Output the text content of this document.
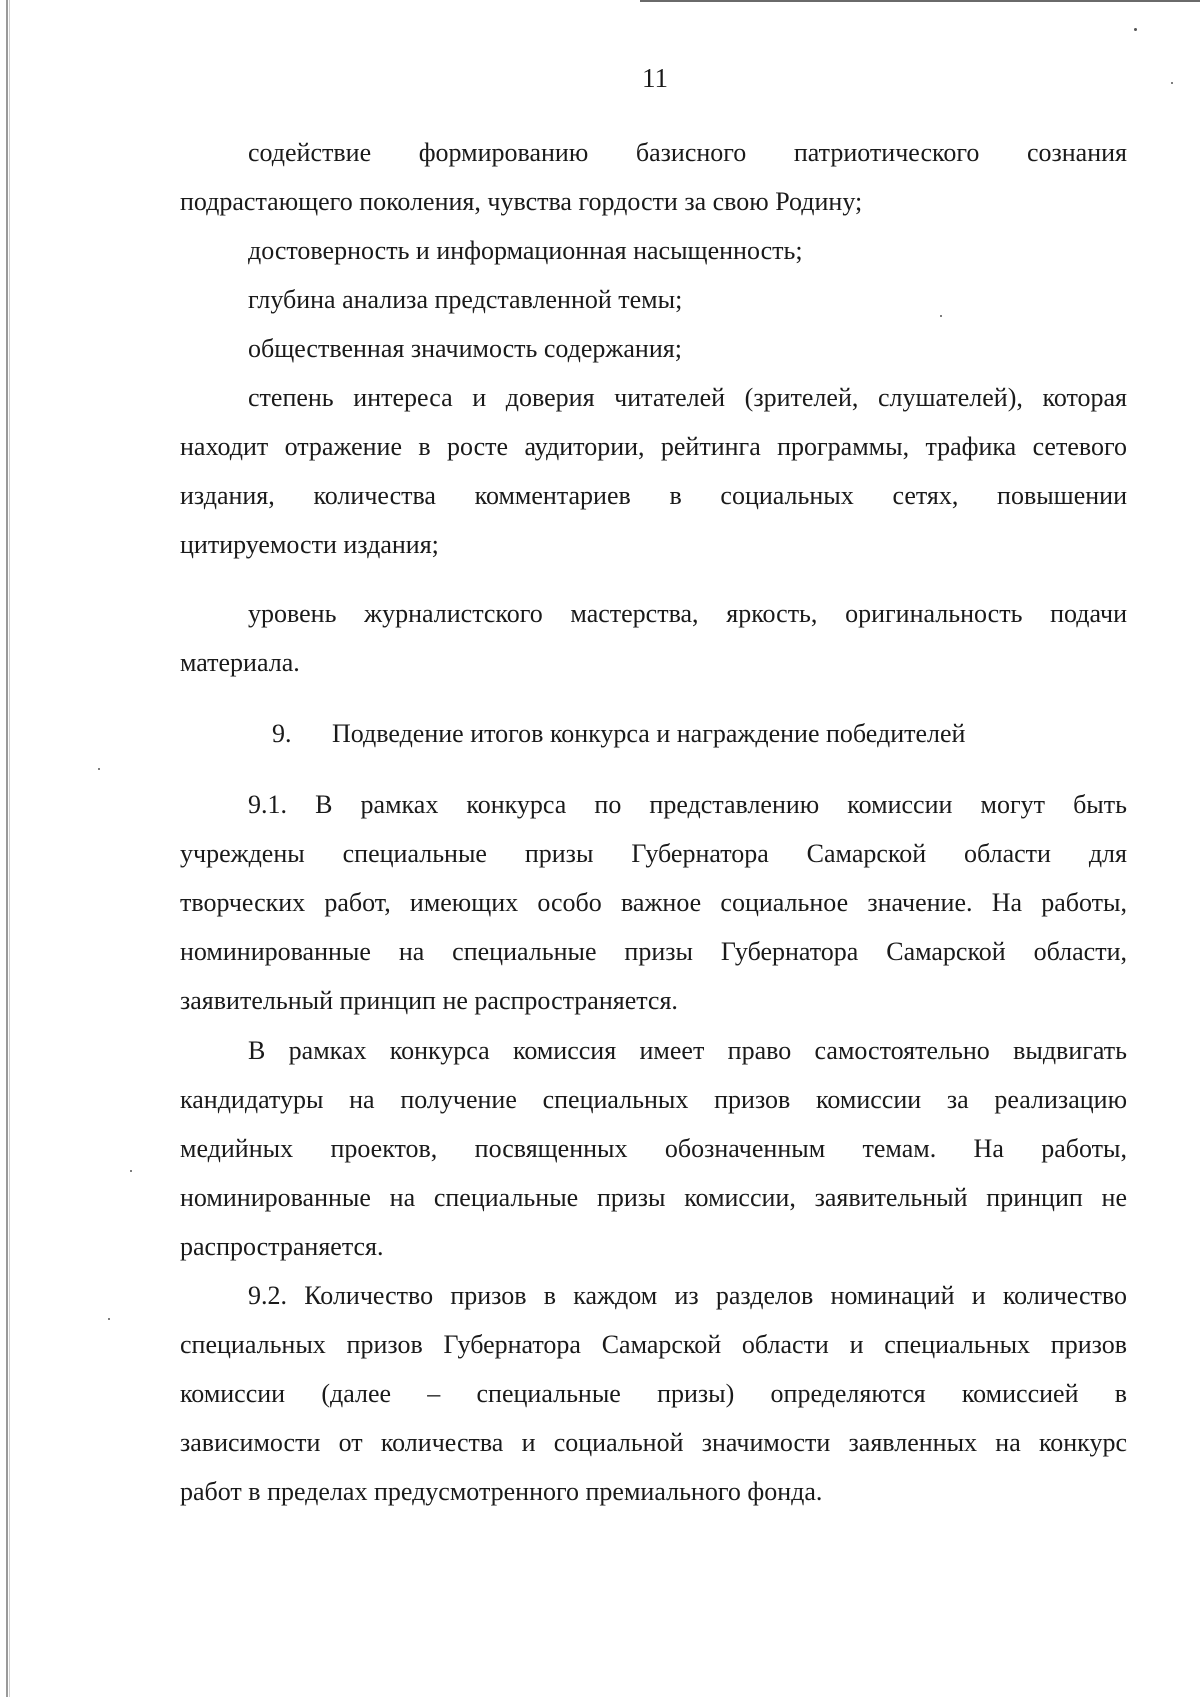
11
содействие формированию базисного патриотического сознания
подрастающего поколения, чувства гордости за свою Родину;
достоверность и информационная насыщенность;
глубина анализа представленной темы;
общественная значимость содержания;
степень интереса и доверия читателей (зрителей, слушателей), которая
находит отражение в росте аудитории, рейтинга программы, трафика сетевого
издания, количества комментариев в социальных сетях, повышении
цитируемости издания;
уровень журналистского мастерства, яркость, оригинальность подачи
материала.
9. Подведение итогов конкурса и награждение победителей
9.1. В рамках конкурса по представлению комиссии могут быть
учреждены специальные призы Губернатора Самарской области для
творческих работ, имеющих особо важное социальное значение. На работы,
номинированные на специальные призы Губернатора Самарской области,
заявительный принцип не распространяется.
В рамках конкурса комиссия имеет право самостоятельно выдвигать
кандидатуры на получение специальных призов комиссии за реализацию
медийных проектов, посвященных обозначенным темам. На работы,
номинированные на специальные призы комиссии, заявительный принцип не
распространяется.
9.2. Количество призов в каждом из разделов номинаций и количество
специальных призов Губернатора Самарской области и специальных призов
комиссии (далее – специальные призы) определяются комиссией в
зависимости от количества и социальной значимости заявленных на конкурс
работ в пределах предусмотренного премиального фонда.
